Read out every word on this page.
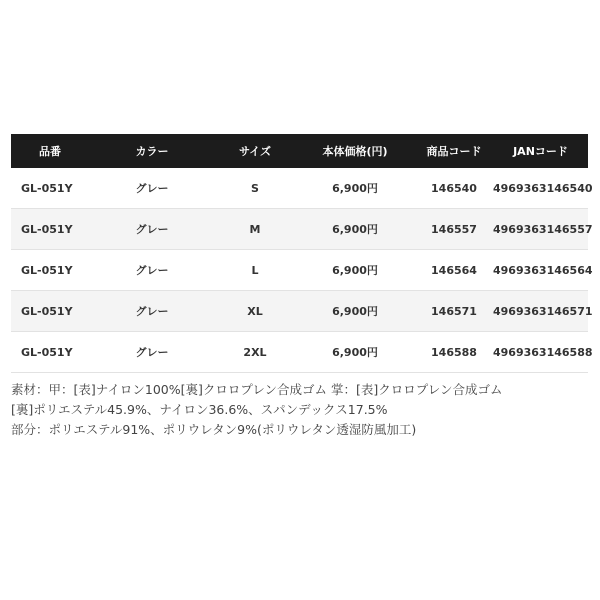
品番	カラー	サイズ	本体価格(円)	商品コード	JANコード
GL-051Y	グレー	S	6,900円	146540	4969363146540
GL-051Y	グレー	M	6,900円	146557	4969363146557
GL-051Y	グレー	L	6,900円	146564	4969363146564
GL-051Y	グレー	XL	6,900円	146571	4969363146571
GL-051Y	グレー	2XL	6,900円	146588	4969363146588

素材：甲：[表]ナイロン100%[裏]クロロプレン合成ゴム 掌：[表]クロロプレン合成ゴム

[裏]ポリエステル45.9%、ナイロン36.6%、スパンデックス17.5%

部分：ポリエステル91%、ポリウレタン9%(ポリウレタン透湿防風加工)
